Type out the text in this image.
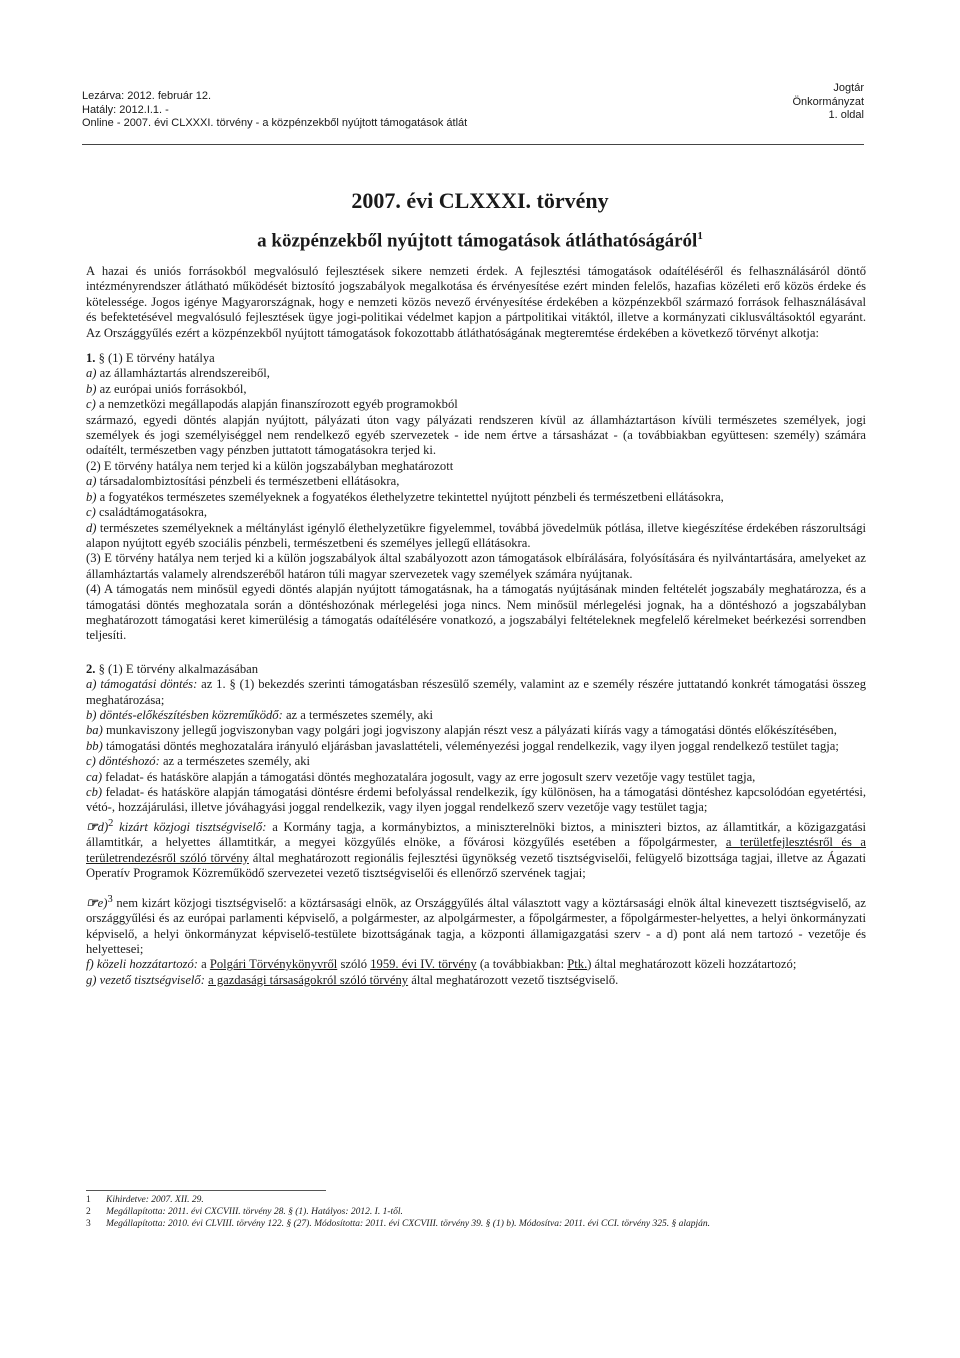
Lezárva: 2012. február 12.
Hatály: 2012.I.1. -
Online - 2007. évi CLXXXI. törvény - a közpénzekből nyújtott támogatások átlát
Jogtár
Önkormányzat
1. oldal
2007. évi CLXXXI. törvény
a közpénzekből nyújtott támogatások átláthatóságáról$^1$

A hazai és uniós forrásokból megvalósuló fejlesztések sikere nemzeti érdek. A fejlesztési támogatások odaítéléséről és felhasználásáról döntő intézményrendszer átlátható működését biztosító jogszabályok megalkotása és érvényesítése ezért minden felelős, hazafias közéleti erő közös érdeke és kötelessége. Jogos igénye Magyarországnak, hogy e nemzeti közös nevező érvényesítése érdekében a közpénzekből származó források felhasználásával és befektetésével megvalósuló fejlesztések ügye jogi-politikai védelmet kapjon a pártpolitikai vitáktól, illetve a kormányzati ciklusváltásoktól egyaránt. Az Országgyűlés ezért a közpénzekből nyújtott támogatások fokozottabb átláthatóságának megteremtése érdekében a következő törvényt alkotja:

1. § (1) E törvény hatálya

a) az államháztartás alrendszereiből,

b) az európai uniós forrásokból,

c) a nemzetközi megállapodás alapján finanszírozott egyéb programokból

származó, egyedi döntés alapján nyújtott, pályázati úton vagy pályázati rendszeren kívül az államháztartáson kívüli természetes személyek, jogi személyek és jogi személyiséggel nem rendelkező egyéb szervezetek - ide nem értve a társasházat - (a továbbiakban együttesen: személy) számára odaítélt, természetben vagy pénzben juttatott támogatásokra terjed ki.

(2) E törvény hatálya nem terjed ki a külön jogszabályban meghatározott

a) társadalombiztosítási pénzbeli és természetbeni ellátásokra,

b) a fogyatékos természetes személyeknek a fogyatékos élethelyzetre tekintettel nyújtott pénzbeli és természetbeni ellátásokra,

c) családtámogatásokra,

d) természetes személyeknek a méltánylást igénylő élethelyzetükre figyelemmel, továbbá jövedelmük pótlása, illetve kiegészítése érdekében rászorultsági alapon nyújtott egyéb szociális pénzbeli, természetbeni és személyes jellegű ellátásokra.

(3) E törvény hatálya nem terjed ki a külön jogszabályok által szabályozott azon támogatások elbírálására, folyósítására és nyilvántartására, amelyeket az államháztartás valamely alrendszeréből határon túli magyar szervezetek vagy személyek számára nyújtanak.

(4) A támogatás nem minősül egyedi döntés alapján nyújtott támogatásnak, ha a támogatás nyújtásának minden feltételét jogszabály meghatározza, és a támogatási döntés meghozatala során a döntéshozónak mérlegelési joga nincs. Nem minősül mérlegelési jognak, ha a döntéshozó a jogszabályban meghatározott támogatási keret kimerülésig a támogatás odaítélésére vonatkozó, a jogszabályi feltételeknek megfelelő kérelmeket beérkezési sorrendben teljesíti.

2. § (1) E törvény alkalmazásában

a) támogatási döntés: az 1. § (1) bekezdés szerinti támogatásban részesülő személy, valamint az e személy részére juttatandó konkrét támogatási összeg meghatározása;

b) döntés-előkészítésben közreműködő: az a természetes személy, aki

ba) munkaviszony jellegű jogviszonyban vagy polgári jogi jogviszony alapján részt vesz a pályázati kiírás vagy a támogatási döntés előkészítésében,

bb) támogatási döntés meghozatalára irányuló eljárásban javaslattételi, véleményezési joggal rendelkezik, vagy ilyen joggal rendelkező testület tagja;

c) döntéshozó: az a természetes személy, aki

ca) feladat- és hatásköre alapján a támogatási döntés meghozatalára jogosult, vagy az erre jogosult szerv vezetője vagy testület tagja,

cb) feladat- és hatásköre alapján támogatási döntésre érdemi befolyással rendelkezik, így különösen, ha a támogatási döntéshez kapcsolódóan egyetértési, vétó-, hozzájárulási, illetve jóváhagyási joggal rendelkezik, vagy ilyen joggal rendelkező szerv vezetője vagy testület tagja;

☞d)$^2$ kizárt közjogi tisztségviselő: a Kormány tagja, a kormánybiztos, a miniszterelnöki biztos, a miniszteri biztos, az államtitkár, a közigazgatási államtitkár, a helyettes államtitkár, a megyei közgyűlés elnöke, a fővárosi közgyűlés esetében a főpolgármester, a területfejlesztésről és a területrendezésről szóló törvény által meghatározott regionális fejlesztési ügynökség vezető tisztségviselői, felügyelő bizottsága tagjai, illetve az Ágazati Operatív Programok Közreműködő szervezetei vezető tisztségviselői és ellenőrző szervének tagjai;

☞e)$^3$ nem kizárt közjogi tisztségviselő: a köztársasági elnök, az Országgyűlés által választott vagy a köztársasági elnök által kinevezett tisztségviselő, az országgyűlési és az európai parlamenti képviselő, a polgármester, az alpolgármester, a főpolgármester, a főpolgármester-helyettes, a helyi önkormányzati képviselő, a helyi önkormányzat képviselő-testülete bizottságának tagja, a központi államigazgatási szerv - a d) pont alá nem tartozó - vezetője és helyettesei;

f) közeli hozzátartozó: a Polgári Törvénykönyvről szóló 1959. évi IV. törvény (a továbbiakban: Ptk.) által meghatározott közeli hozzátartozó;

g) vezető tisztségviselő: a gazdasági társaságokról szóló törvény által meghatározott vezető tisztségviselő.

1	Kihirdetve: 2007. XII. 29.
2	Megállapította: 2011. évi CXCVIII. törvény 28. § (1). Hatályos: 2012. I. 1-től.
3	Megállapította: 2010. évi CLVIII. törvény 122. § (27). Módosította: 2011. évi CXCVIII. törvény 39. § (1) b). Módosítva: 2011. évi CCI. törvény 325. § alapján.
